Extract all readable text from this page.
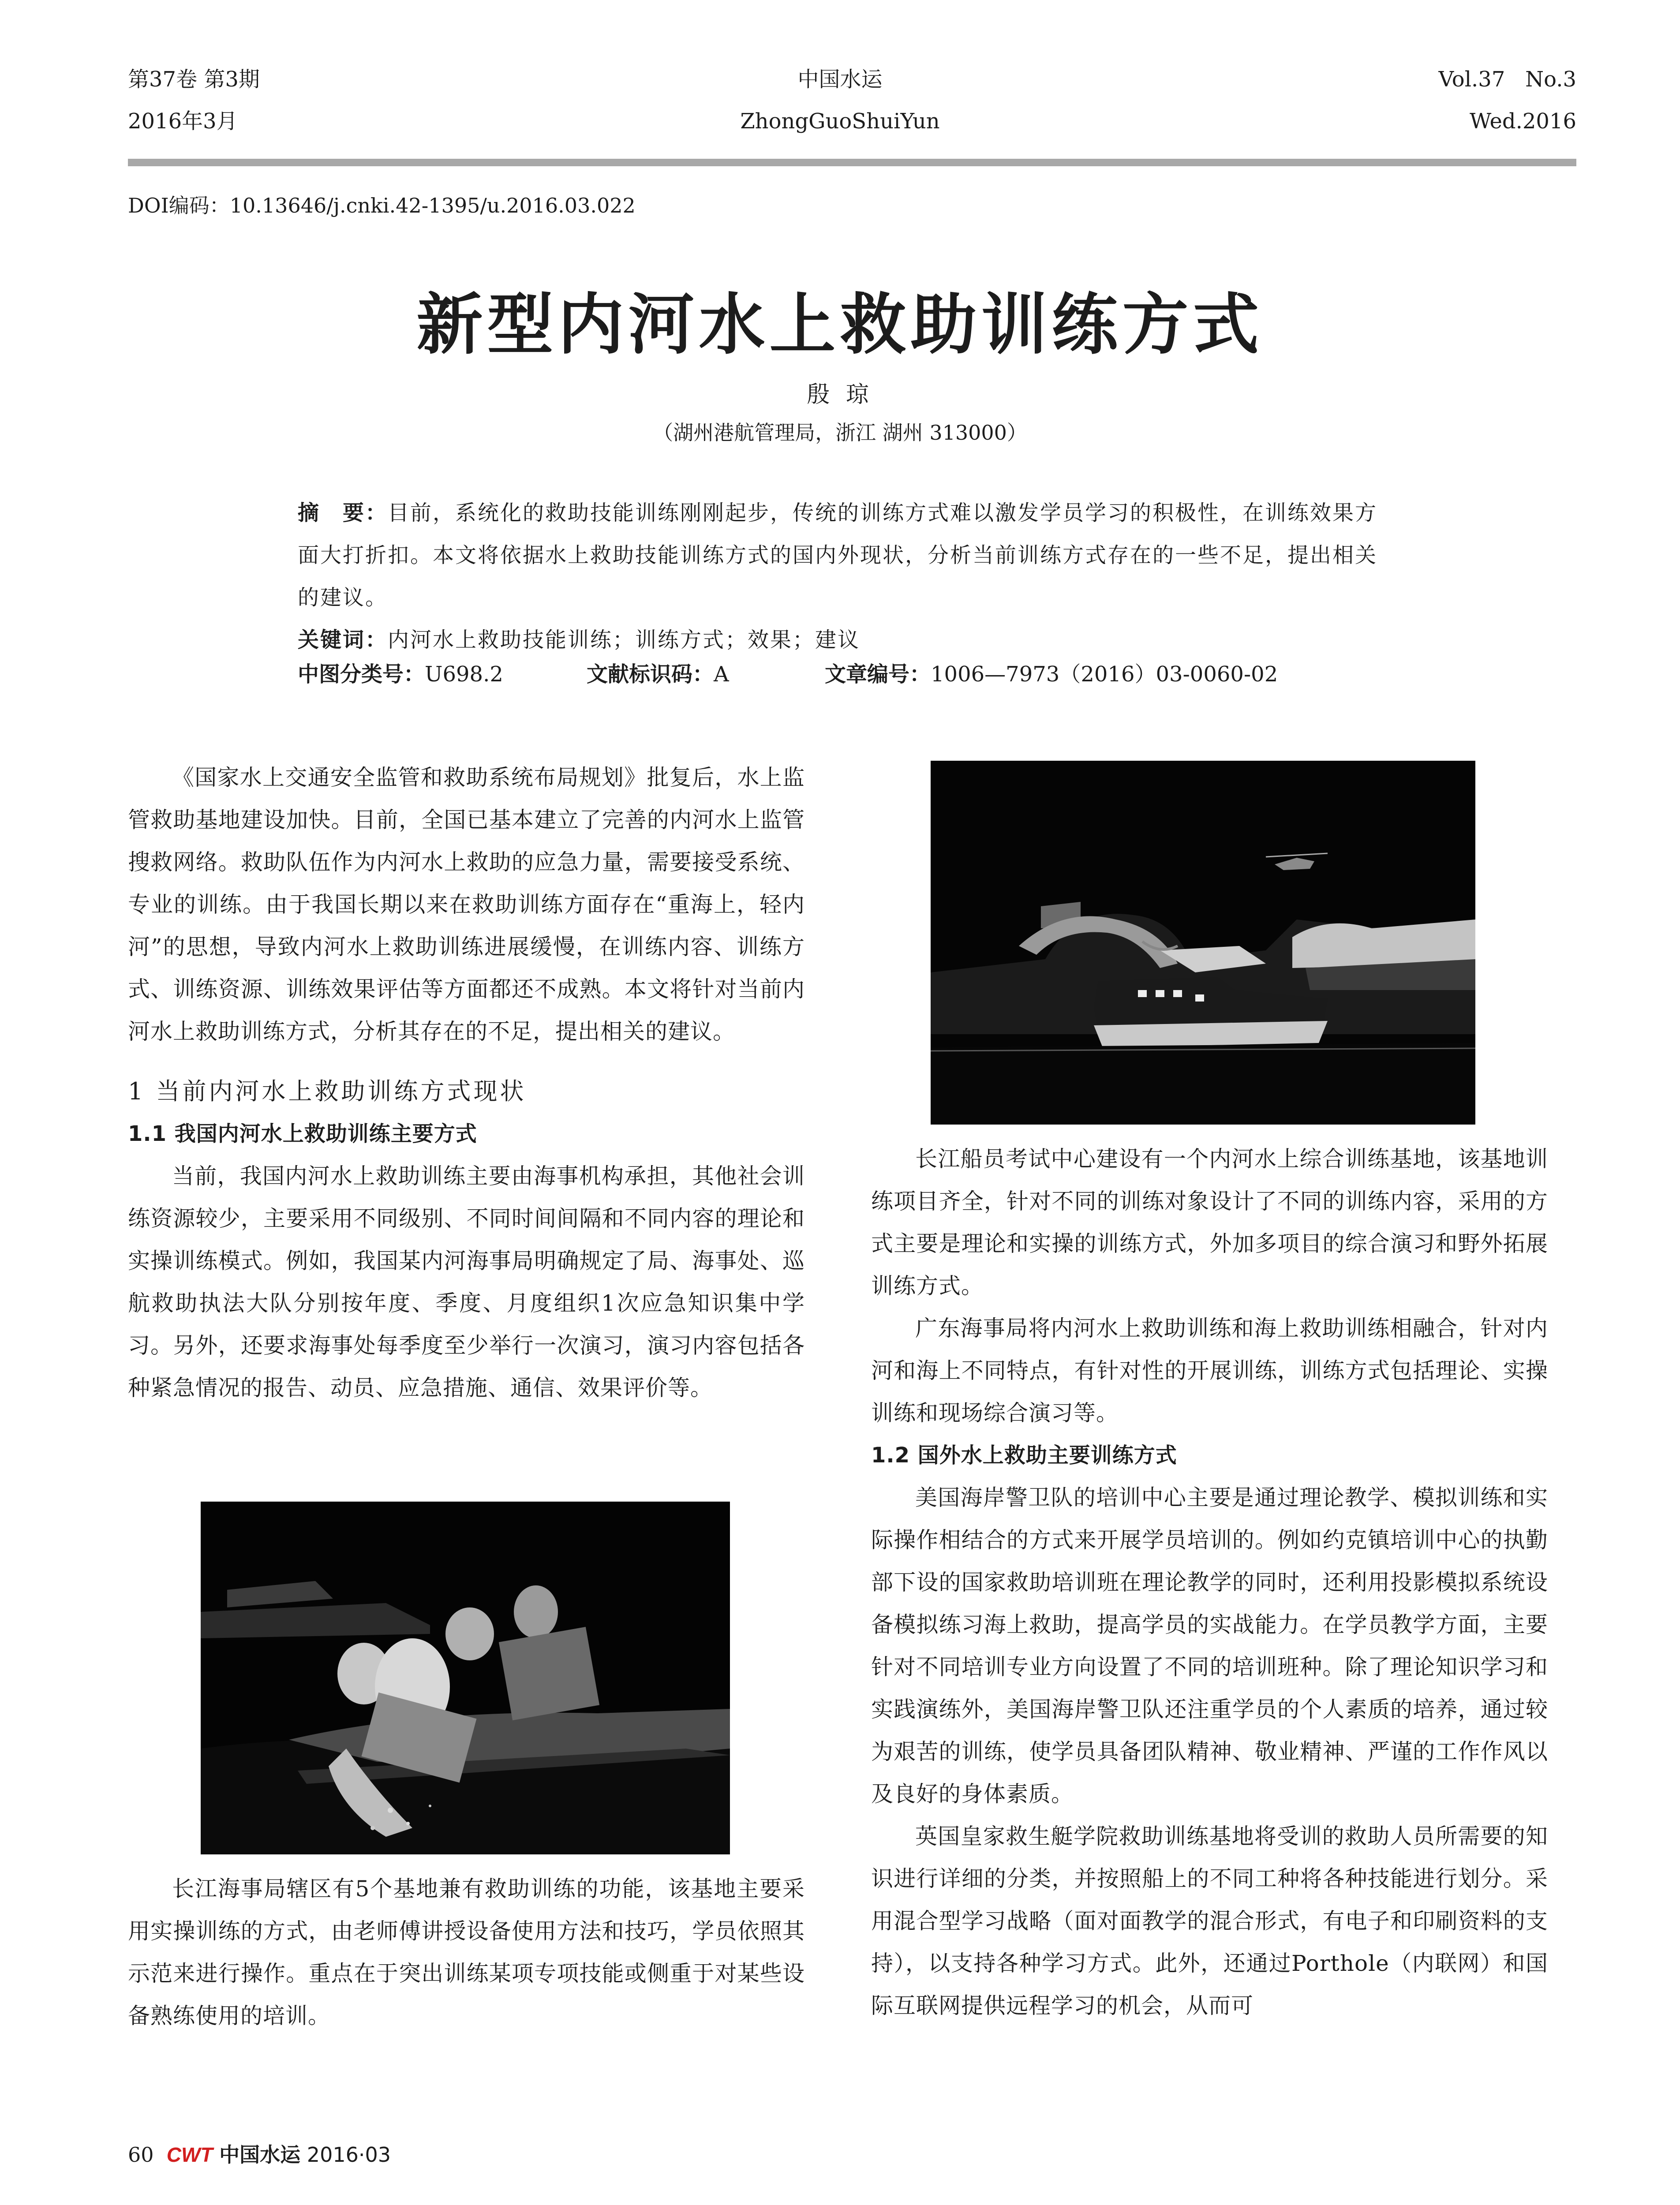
第37卷 第3期
2016年3月
中国水运
ZhongGuoShuiYun
Vol.37   No.3
Wed.2016
DOI编码：10.13646/j.cnki.42-1395/u.2016.03.022
新型内河水上救助训练方式
殷 琼
（湖州港航管理局，浙江 湖州 313000）
摘　要：目前，系统化的救助技能训练刚刚起步，传统的训练方式难以激发学员学习的积极性，在训练效果方面大打折扣。本文将依据水上救助技能训练方式的国内外现状，分析当前训练方式存在的一些不足，提出相关的建议。
关键词：内河水上救助技能训练；训练方式；效果；建议
中图分类号：U698.2	文献标识码：A	文章编号：1006—7973（2016）03-0060-02

《国家水上交通安全监管和救助系统布局规划》批复后，水上监管救助基地建设加快。目前，全国已基本建立了完善的内河水上监管搜救网络。救助队伍作为内河水上救助的应急力量，需要接受系统、专业的训练。由于我国长期以来在救助训练方面存在“重海上，轻内河”的思想，导致内河水上救助训练进展缓慢，在训练内容、训练方式、训练资源、训练效果评估等方面都还不成熟。本文将针对当前内河水上救助训练方式，分析其存在的不足，提出相关的建议。

1 当前内河水上救助训练方式现状
1.1 我国内河水上救助训练主要方式

当前，我国内河水上救助训练主要由海事机构承担，其他社会训练资源较少，主要采用不同级别、不同时间间隔和不同内容的理论和实操训练模式。例如，我国某内河海事局明确规定了局、海事处、巡航救助执法大队分别按年度、季度、月度组织1次应急知识集中学习。另外，还要求海事处每季度至少举行一次演习，演习内容包括各种紧急情况的报告、动员、应急措施、通信、效果评价等。

长江海事局辖区有5个基地兼有救助训练的功能，该基地主要采用实操训练的方式，由老师傅讲授设备使用方法和技巧，学员依照其示范来进行操作。重点在于突出训练某项专项技能或侧重于对某些设备熟练使用的培训。

长江船员考试中心建设有一个内河水上综合训练基地，该基地训练项目齐全，针对不同的训练对象设计了不同的训练内容，采用的方式主要是理论和实操的训练方式，外加多项目的综合演习和野外拓展训练方式。

广东海事局将内河水上救助训练和海上救助训练相融合，针对内河和海上不同特点，有针对性的开展训练，训练方式包括理论、实操训练和现场综合演习等。

1.2 国外水上救助主要训练方式

美国海岸警卫队的培训中心主要是通过理论教学、模拟训练和实际操作相结合的方式来开展学员培训的。例如约克镇培训中心的执勤部下设的国家救助培训班在理论教学的同时，还利用投影模拟系统设备模拟练习海上救助，提高学员的实战能力。在学员教学方面，主要针对不同培训专业方向设置了不同的培训班种。除了理论知识学习和实践演练外，美国海岸警卫队还注重学员的个人素质的培养，通过较为艰苦的训练，使学员具备团队精神、敬业精神、严谨的工作作风以及良好的身体素质。

英国皇家救生艇学院救助训练基地将受训的救助人员所需要的知识进行详细的分类，并按照船上的不同工种将各种技能进行划分。采用混合型学习战略（面对面教学的混合形式，有电子和印刷资料的支持），以支持各种学习方式。此外，还通过Porthole（内联网）和国际互联网提供远程学习的机会，从而可

60 CWT 中国水运 2016·03
